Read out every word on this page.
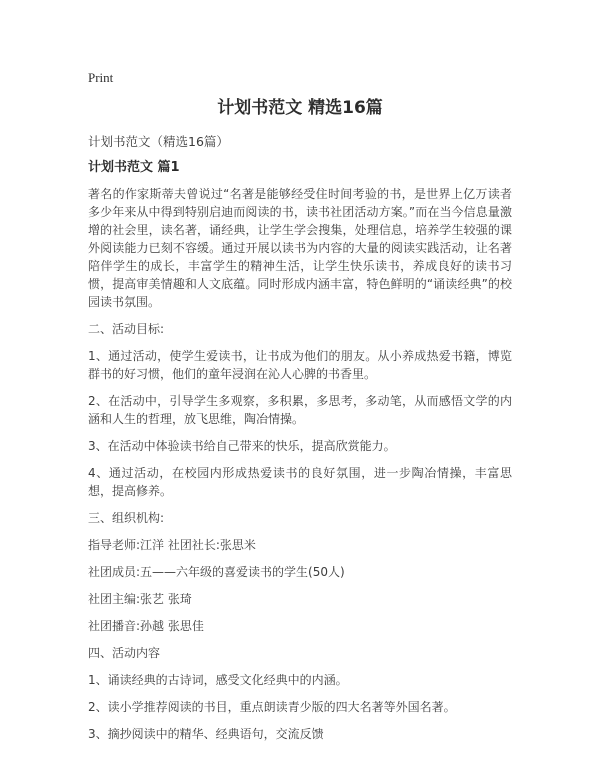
Print
计划书范文 精选16篇
计划书范文（精选16篇）
计划书范文 篇1

著名的作家斯蒂夫曾说过“名著是能够经受住时间考验的书，是世界上亿万读者多少年来从中得到特别启迪而阅读的书，读书社团活动方案。”而在当今信息量激增的社会里，读名著，诵经典，让学生学会搜集，处理信息，培养学生较强的课外阅读能力已刻不容缓。通过开展以读书为内容的大量的阅读实践活动，让名著陪伴学生的成长，丰富学生的精神生活，让学生快乐读书，养成良好的读书习惯，提高审美情趣和人文底蕴。同时形成内涵丰富，特色鲜明的“诵读经典”的校园读书氛围。

二、活动目标:

1、通过活动，使学生爱读书，让书成为他们的朋友。从小养成热爱书籍，博览群书的好习惯，他们的童年浸润在沁人心脾的书香里。

2、在活动中，引导学生多观察，多积累，多思考，多动笔，从而感悟文学的内涵和人生的哲理，放飞思维，陶冶情操。

3、在活动中体验读书给自己带来的快乐，提高欣赏能力。

4、通过活动，在校园内形成热爱读书的良好氛围，进一步陶冶情操，丰富思想，提高修养。

三、组织机构:

指导老师:江洋 社团社长:张思米

社团成员:五——六年级的喜爱读书的学生(50人)

社团主编:张艺 张琦

社团播音:孙越 张思佳

四、活动内容

1、诵读经典的古诗词，感受文化经典中的内涵。

2、读小学推荐阅读的书目，重点朗读青少版的四大名著等外国名著。

3、摘抄阅读中的精华、经典语句，交流反馈
